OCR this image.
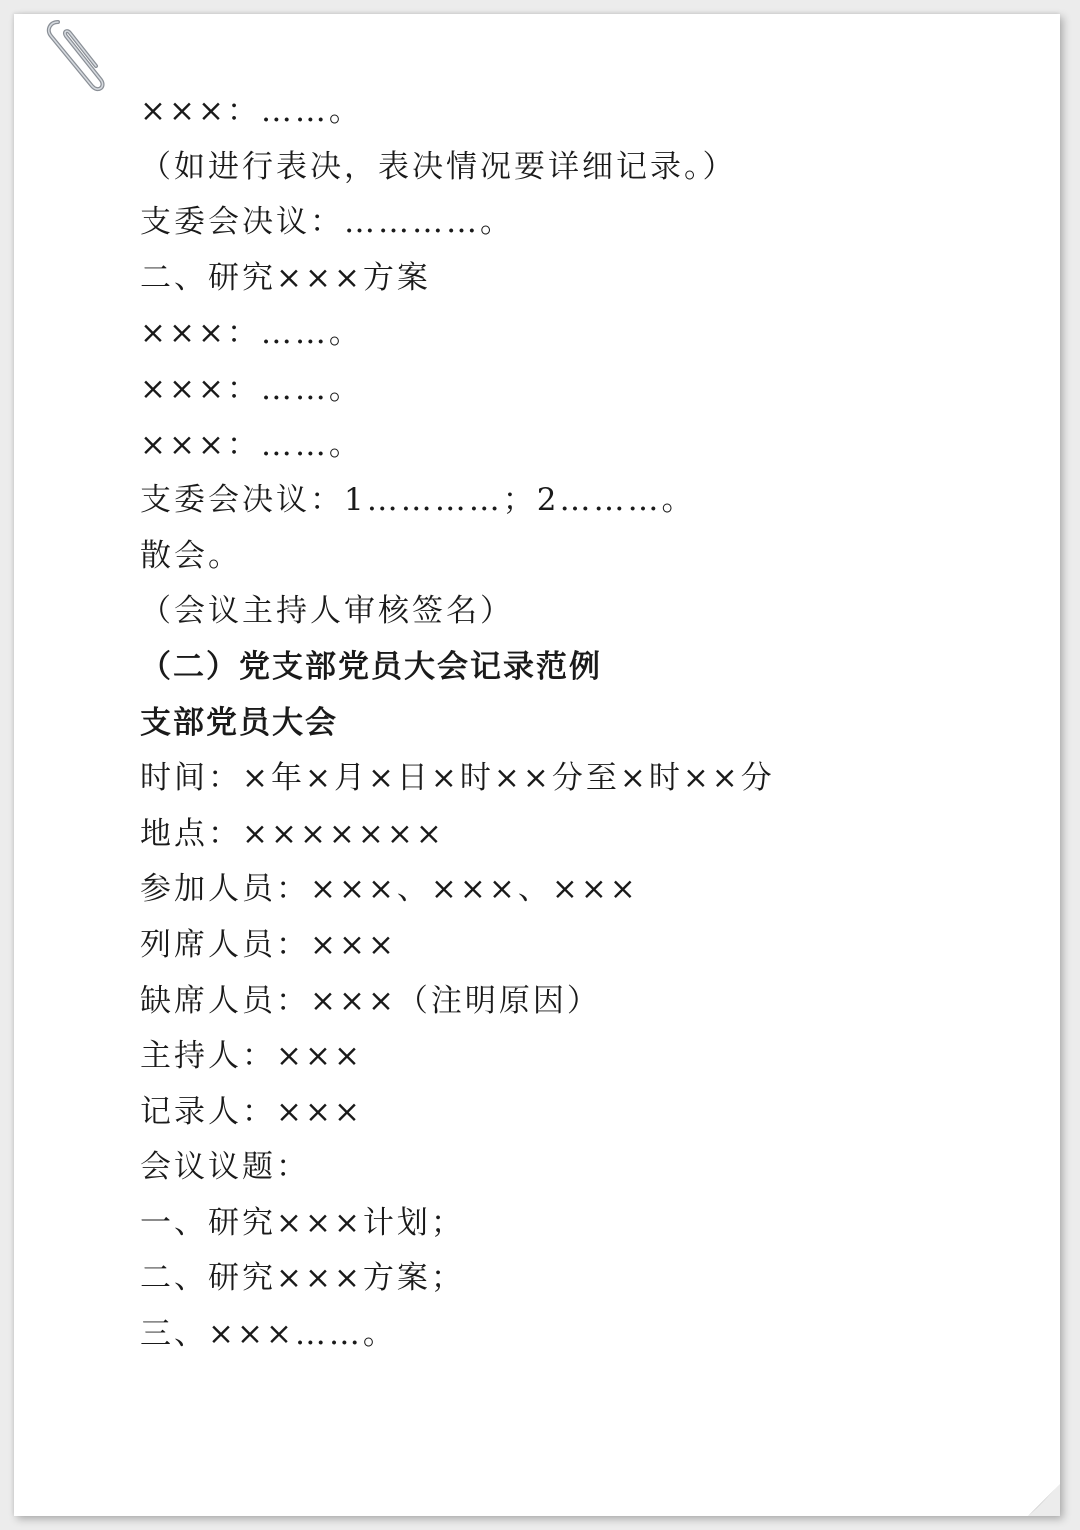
×××：……。
（如进行表决，表决情况要详细记录。）
支委会决议：…………。
二、研究×××方案
×××：……。
×××：……。
×××：……。
支委会决议：1…………；2………。
散会。
（会议主持人审核签名）
（二）党支部党员大会记录范例
支部党员大会
时间：×年×月×日×时××分至×时××分
地点：×××××××
参加人员：×××、×××、×××
列席人员：×××
缺席人员：×××（注明原因）
主持人：×××
记录人：×××
会议议题：
一、研究×××计划；
二、研究×××方案；
三、×××……。
